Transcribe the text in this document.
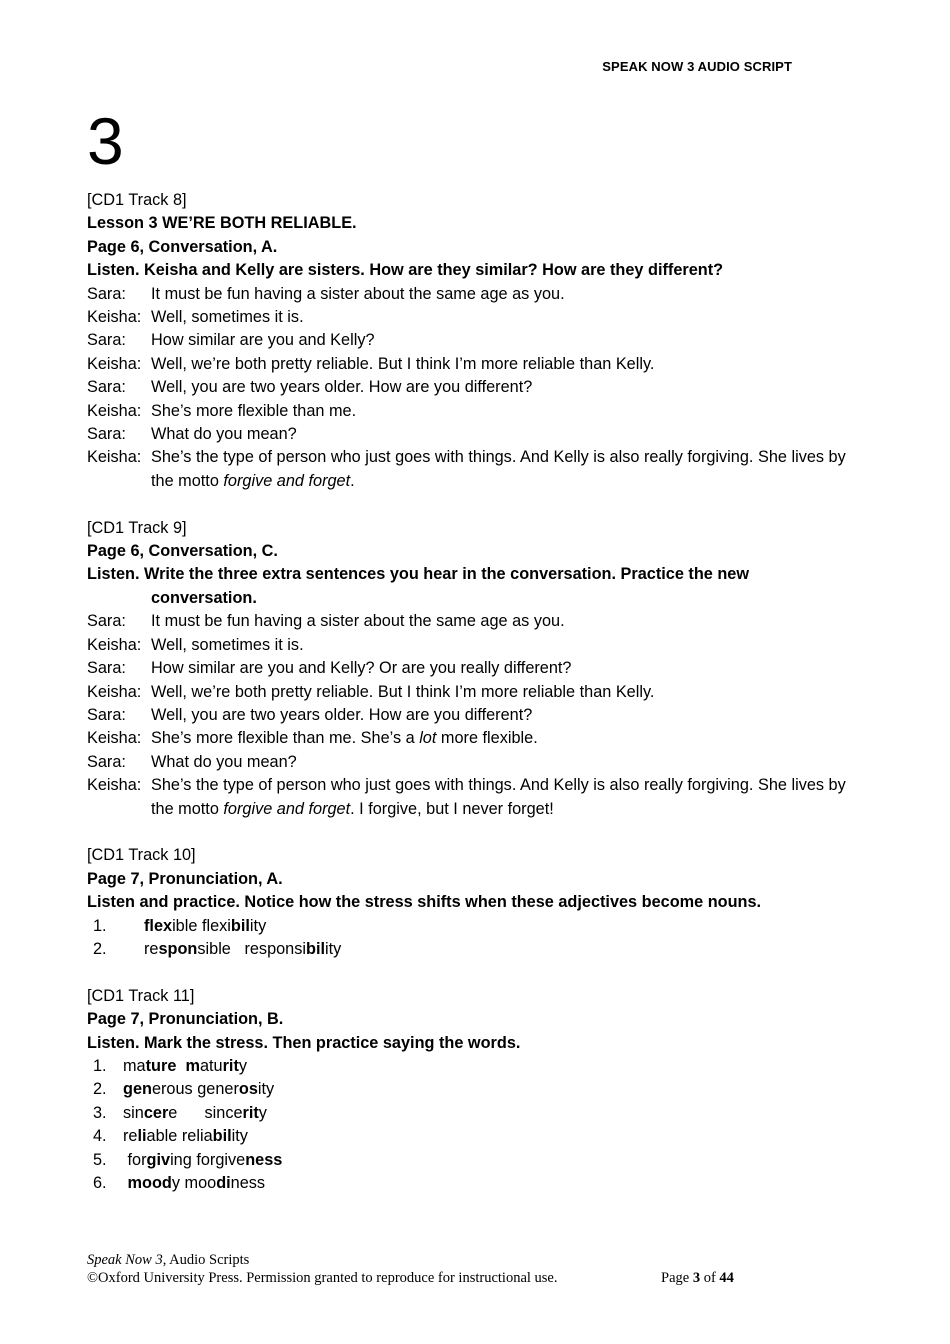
SPEAK NOW 3 AUDIO SCRIPT
3
[CD1 Track 8]
Lesson 3 WE’RE BOTH RELIABLE.
Page 6, Conversation, A.
Listen. Keisha and Kelly are sisters. How are they similar? How are they different?
Sara: It must be fun having a sister about the same age as you.
Keisha: Well, sometimes it is.
Sara: How similar are you and Kelly?
Keisha: Well, we’re both pretty reliable. But I think I’m more reliable than Kelly.
Sara: Well, you are two years older. How are you different?
Keisha: She’s more flexible than me.
Sara: What do you mean?
Keisha: She’s the type of person who just goes with things. And Kelly is also really forgiving. She lives by the motto forgive and forget.
[CD1 Track 9]
Page 6, Conversation, C.
Listen. Write the three extra sentences you hear in the conversation. Practice the new conversation.
Sara: It must be fun having a sister about the same age as you.
Keisha: Well, sometimes it is.
Sara: How similar are you and Kelly? Or are you really different?
Keisha: Well, we’re both pretty reliable. But I think I’m more reliable than Kelly.
Sara: Well, you are two years older. How are you different?
Keisha: She’s more flexible than me. She’s a lot more flexible.
Sara: What do you mean?
Keisha: She’s the type of person who just goes with things. And Kelly is also really forgiving. She lives by the motto forgive and forget. I forgive, but I never forget!
[CD1 Track 10]
Page 7, Pronunciation, A.
Listen and practice. Notice how the stress shifts when these adjectives become nouns.
1. flexible flexibility
2. responsible responsibility
[CD1 Track 11]
Page 7, Pronunciation, B.
Listen. Mark the stress. Then practice saying the words.
1. mature maturity
2. generous generosity
3. sincere sincerity
4. reliable reliability
5. forgiving forgiveness
6. moody moodiness
Speak Now 3, Audio Scripts
©Oxford University Press. Permission granted to reproduce for instructional use.	Page 3 of 44
